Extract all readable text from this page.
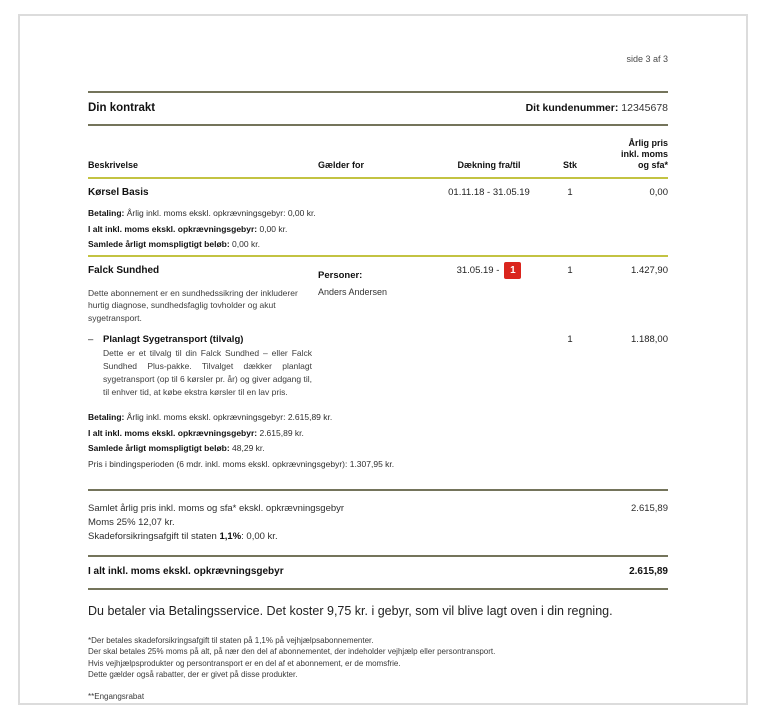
side 3 af 3
Din kontrakt	Dit kundenummer: 12345678
Beskrivelse	Gælder for	Dækning fra/til	Stk
Årlig pris
inkl. moms
og sfa*
Kørsel Basis	01.11.18 - 31.05.19	1	0,00
Betaling: Årlig inkl. moms ekskl. opkrævningsgebyr: 0,00 kr.
I alt inkl. moms ekskl. opkrævningsgebyr: 0,00 kr.
Samlede årligt momspligtigt beløb: 0,00 kr.
Falck Sundhed	Personer:	31.05.19 -	1	1	1.427,90
Dette abonnement er en sundhedssikring der inkluderer hurtig diagnose, sundhedsfaglig tovholder og akut sygetransport.
Anders Andersen
–	Planlagt Sygetransport (tilvalg)
Dette er et tilvalg til din Falck Sundhed – eller Falck Sundhed Plus-pakke. Tilvalget dækker planlagt sygetransport (op til 6 kørsler pr. år) og giver adgang til, til enhver tid, at købe ekstra kørsler til en lav pris.
1	1.188,00
Betaling: Årlig inkl. moms ekskl. opkrævningsgebyr: 2.615,89 kr.
I alt inkl. moms ekskl. opkrævningsgebyr: 2.615,89 kr.
Samlede årligt momspligtigt beløb: 48,29 kr.
Pris i bindingsperioden (6 mdr. inkl. moms ekskl. opkrævningsgebyr): 1.307,95 kr.
Samlet årlig pris inkl. moms og sfa* ekskl. opkrævningsgebyr	2.615,89
Moms 25% 12,07 kr.
Skadeforsikringsafgift til staten 1,1%: 0,00 kr.
I alt inkl. moms ekskl. opkrævningsgebyr	2.615,89
Du betaler via Betalingsservice. Det koster 9,75 kr. i gebyr, som vil blive lagt oven i din regning.
*Der betales skadeforsikringsafgift til staten på 1,1% på vejhjælpsabonnementer.
Der skal betales 25% moms på alt, på nær den del af abonnementet, der indeholder vejhjælp eller persontransport.
Hvis vejhjælpsprodukter og persontransport er en del af et abonnement, er de momsfrie.
Dette gælder også rabatter, der er givet på disse produkter.
**Engangsrabat
